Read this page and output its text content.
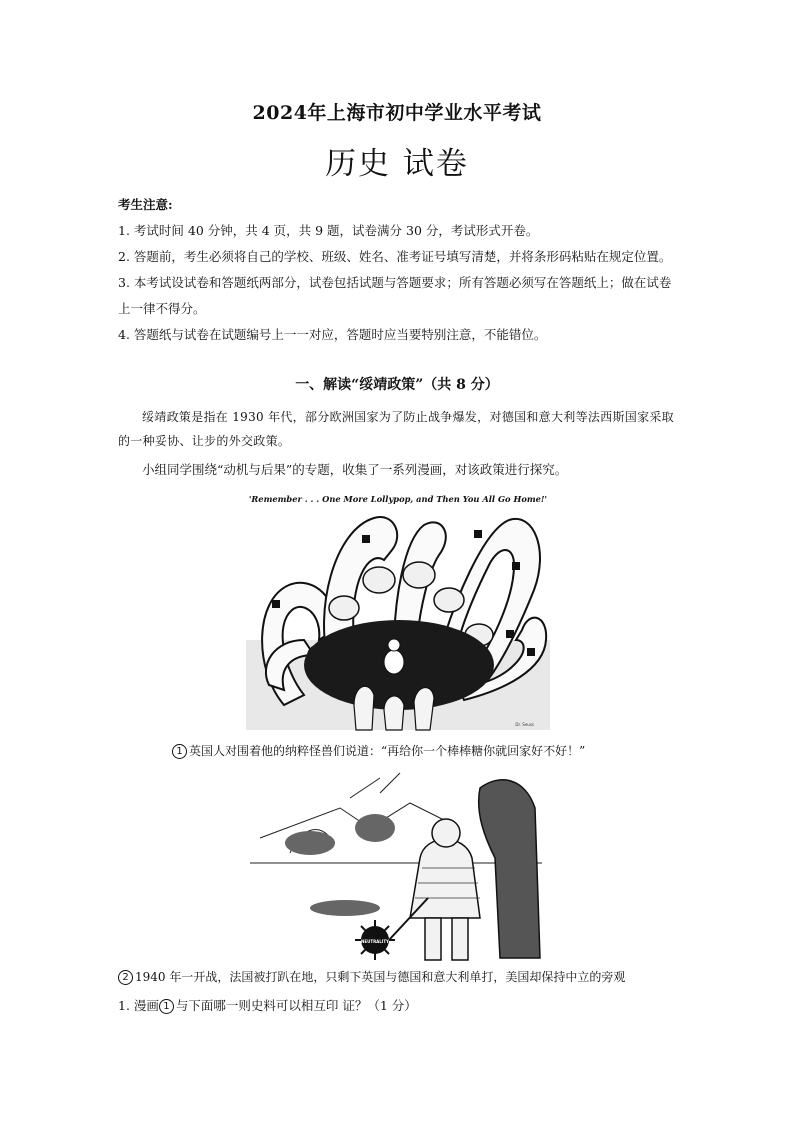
2024年上海市初中学业水平考试
历史 试卷

考生注意:

1. 考试时间 40 分钟，共 4 页，共 9 题，试卷满分 30 分，考试形式开卷。

2. 答题前，考生必须将自己的学校、班级、姓名、准考证号填写清楚，并将条形码粘贴在规定位置。

3. 本考试设试卷和答题纸两部分，试卷包括试题与答题要求；所有答题必须写在答题纸上；做在试卷上一律不得分。

4. 答题纸与试卷在试题编号上一一对应，答题时应当要特别注意，不能错位。

一、解读“绥靖政策”（共 8 分）
绥靖政策是指在 1930 年代，部分欧洲国家为了防止战争爆发，对德国和意大利等法西斯国家采取的一种妥协、让步的外交政策。
小组同学围绕“动机与后果”的专题，收集了一系列漫画，对该政策进行探究。
'Remember . . . One More Lollypop, and Then You All Go Home!'
Dr. Seuss
1 英国人对围着他的纳粹怪兽们说道：“再给你一个棒棒糖你就回家好不好！”
NEUTRALITY
2 1940 年一开战，法国被打趴在地，只剩下英国与德国和意大利单打，美国却保持中立的旁观
1. 漫画 1 与下面哪一则史料可以相互印 证？（1 分）
